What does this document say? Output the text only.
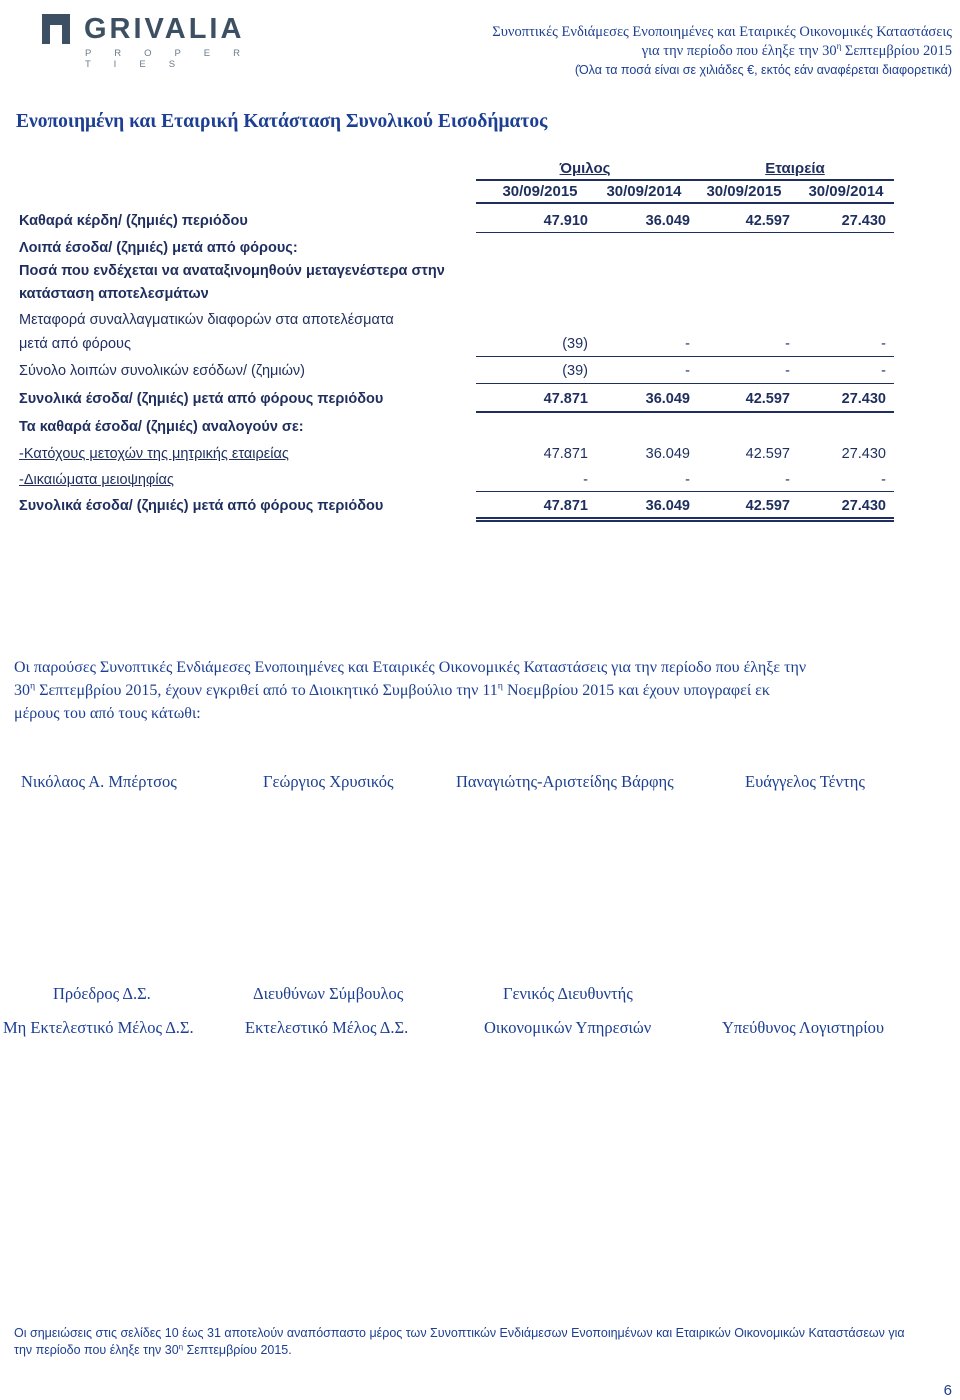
GRIVALIA
P R O P E R T I E S
Συνοπτικές Ενδιάμεσες Ενοποιημένες και Εταιρικές Οικονομικές Καταστάσεις
για την περίοδο που έληξε την $30^\eta$ Σεπτεμβρίου 2015
(Όλα τα ποσά είναι σε χιλιάδες €, εκτός εάν αναφέρεται διαφορετικά)
Ενοποιημένη και Εταιρική Κατάσταση Συνολικού Εισοδήματος
Όμιλος	Εταιρεία
30/09/2015	30/09/2014	30/09/2015	30/09/2014
Καθαρά κέρδη/ (ζημιές) περιόδου	47.910	36.049	42.597	27.430
Λοιπά έσοδα/ (ζημιές) μετά από φόρους:
Ποσά που ενδέχεται να αναταξινομηθούν μεταγενέστερα στην
κατάσταση αποτελεσμάτων
Μεταφορά συναλλαγματικών διαφορών στα αποτελέσματα
μετά από φόρους	(39)	-	-	-
Σύνολο λοιπών συνολικών εσόδων/ (ζημιών)	(39)	-	-	-
Συνολικά έσοδα/ (ζημιές) μετά από φόρους περιόδου	47.871	36.049	42.597	27.430
Τα καθαρά έσοδα/ (ζημιές) αναλογούν σε:
-Κατόχους μετοχών της μητρικής εταιρείας	47.871	36.049	42.597	27.430
-Δικαιώματα μειοψηφίας	-	-	-	-
Συνολικά έσοδα/ (ζημιές) μετά από φόρους περιόδου	47.871	36.049	42.597	27.430
Οι παρούσες Συνοπτικές Ενδιάμεσες Ενοποιημένες και Εταιρικές Οικονομικές Καταστάσεις για την περίοδο που έληξε την
$30^\eta$ Σεπτεμβρίου 2015, έχουν εγκριθεί από το Διοικητικό Συμβούλιο την $11^\eta$ Νοεμβρίου 2015 και έχουν υπογραφεί εκ
μέρους του από τους κάτωθι:
Νικόλαος Α. Μπέρτσος	Γεώργιος Χρυσικός	Παναγιώτης-Αριστείδης Βάρφης	Ευάγγελος Τέντης
Πρόεδρος Δ.Σ.	Διευθύνων Σύμβουλος	Γενικός Διευθυντής
Μη Εκτελεστικό Μέλος Δ.Σ.	Εκτελεστικό Μέλος Δ.Σ.	Οικονομικών Υπηρεσιών	Υπεύθυνος Λογιστηρίου
Οι σημειώσεις στις σελίδες 10 έως 31 αποτελούν αναπόσπαστο μέρος των Συνοπτικών Ενδιάμεσων Ενοποιημένων και Εταιρικών Οικονομικών Καταστάσεων για
την περίοδο που έληξε την $30^\eta$ Σεπτεμβρίου 2015.
6
